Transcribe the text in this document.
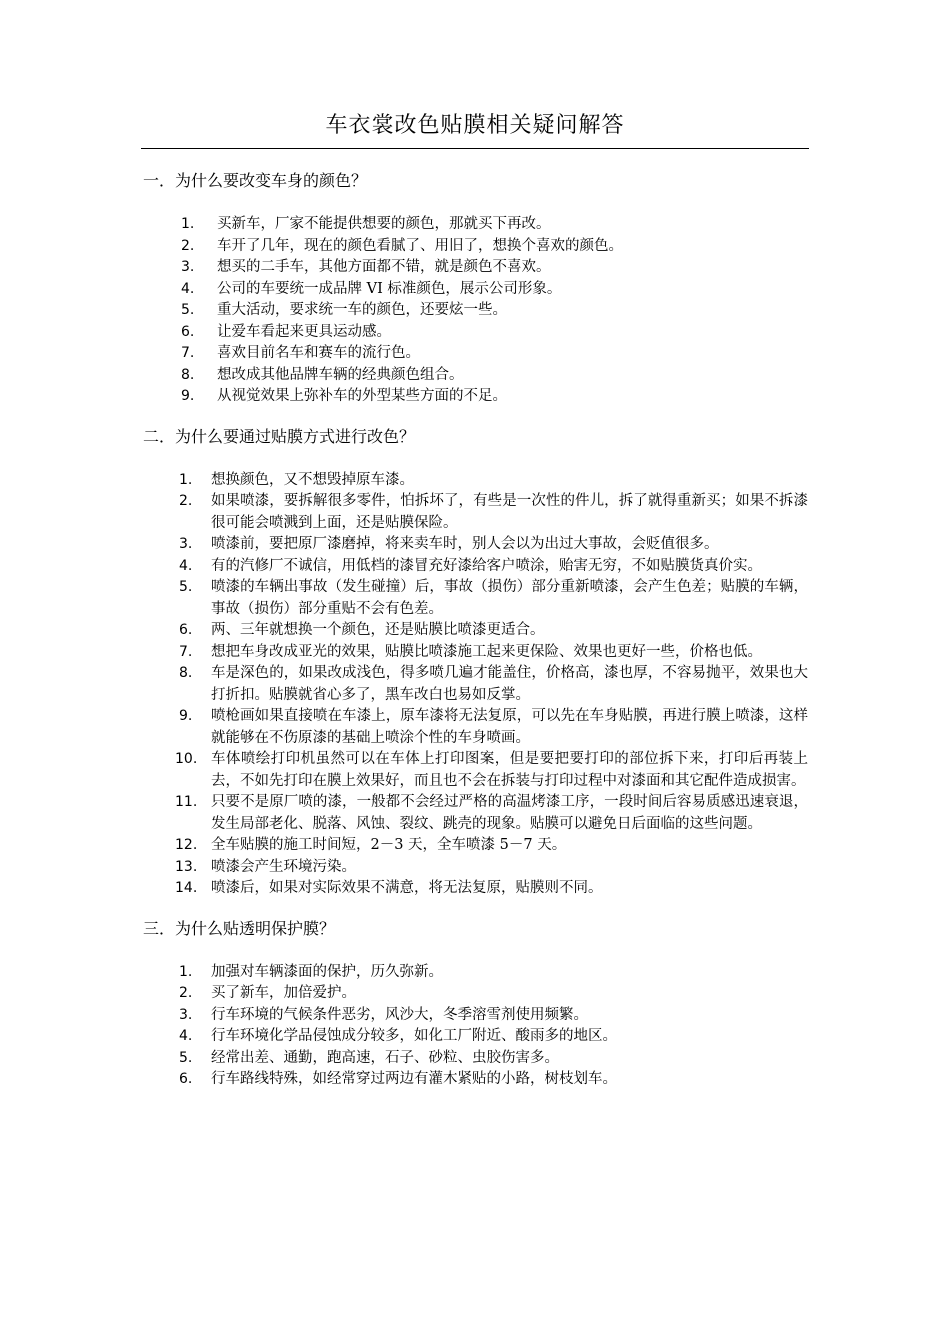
车衣裳改色贴膜相关疑问解答
一．为什么要改变车身的颜色？
1.	买新车，厂家不能提供想要的颜色，那就买下再改。
2.	车开了几年，现在的颜色看腻了、用旧了，想换个喜欢的颜色。
3.	想买的二手车，其他方面都不错，就是颜色不喜欢。
4.	公司的车要统一成品牌 VI 标准颜色，展示公司形象。
5.	重大活动，要求统一车的颜色，还要炫一些。
6.	让爱车看起来更具运动感。
7.	喜欢目前名车和赛车的流行色。
8.	想改成其他品牌车辆的经典颜色组合。
9.	从视觉效果上弥补车的外型某些方面的不足。
二．为什么要通过贴膜方式进行改色？
1.	想换颜色，又不想毁掉原车漆。
2.	如果喷漆，要拆解很多零件，怕拆坏了，有些是一次性的件儿，拆了就得重新买；如果不拆漆很可能会喷溅到上面，还是贴膜保险。
3.	喷漆前，要把原厂漆磨掉，将来卖车时，别人会以为出过大事故，会贬值很多。
4.	有的汽修厂不诚信，用低档的漆冒充好漆给客户喷涂，贻害无穷，不如贴膜货真价实。
5.	喷漆的车辆出事故（发生碰撞）后，事故（损伤）部分重新喷漆，会产生色差；贴膜的车辆，事故（损伤）部分重贴不会有色差。
6.	两、三年就想换一个颜色，还是贴膜比喷漆更适合。
7.	想把车身改成亚光的效果，贴膜比喷漆施工起来更保险、效果也更好一些，价格也低。
8.	车是深色的，如果改成浅色，得多喷几遍才能盖住，价格高，漆也厚，不容易抛平，效果也大打折扣。贴膜就省心多了，黑车改白也易如反掌。
9.	喷枪画如果直接喷在车漆上，原车漆将无法复原，可以先在车身贴膜，再进行膜上喷漆，这样就能够在不伤原漆的基础上喷涂个性的车身喷画。
10. 车体喷绘打印机虽然可以在车体上打印图案，但是要把要打印的部位拆下来，打印后再装上去，不如先打印在膜上效果好，而且也不会在拆装与打印过程中对漆面和其它配件造成损害。
11. 只要不是原厂喷的漆，一般都不会经过严格的高温烤漆工序，一段时间后容易质感迅速衰退，发生局部老化、脱落、风蚀、裂纹、跳壳的现象。贴膜可以避免日后面临的这些问题。
12. 全车贴膜的施工时间短，2－3 天，全车喷漆 5－7 天。
13. 喷漆会产生环境污染。
14. 喷漆后，如果对实际效果不满意，将无法复原，贴膜则不同。
三．为什么贴透明保护膜？
1.	加强对车辆漆面的保护，历久弥新。
2.	买了新车，加倍爱护。
3.	行车环境的气候条件恶劣，风沙大，冬季溶雪剂使用频繁。
4.	行车环境化学品侵蚀成分较多，如化工厂附近、酸雨多的地区。
5.	经常出差、通勤，跑高速，石子、砂粒、虫胶伤害多。
6.	行车路线特殊，如经常穿过两边有灌木紧贴的小路，树枝划车。
